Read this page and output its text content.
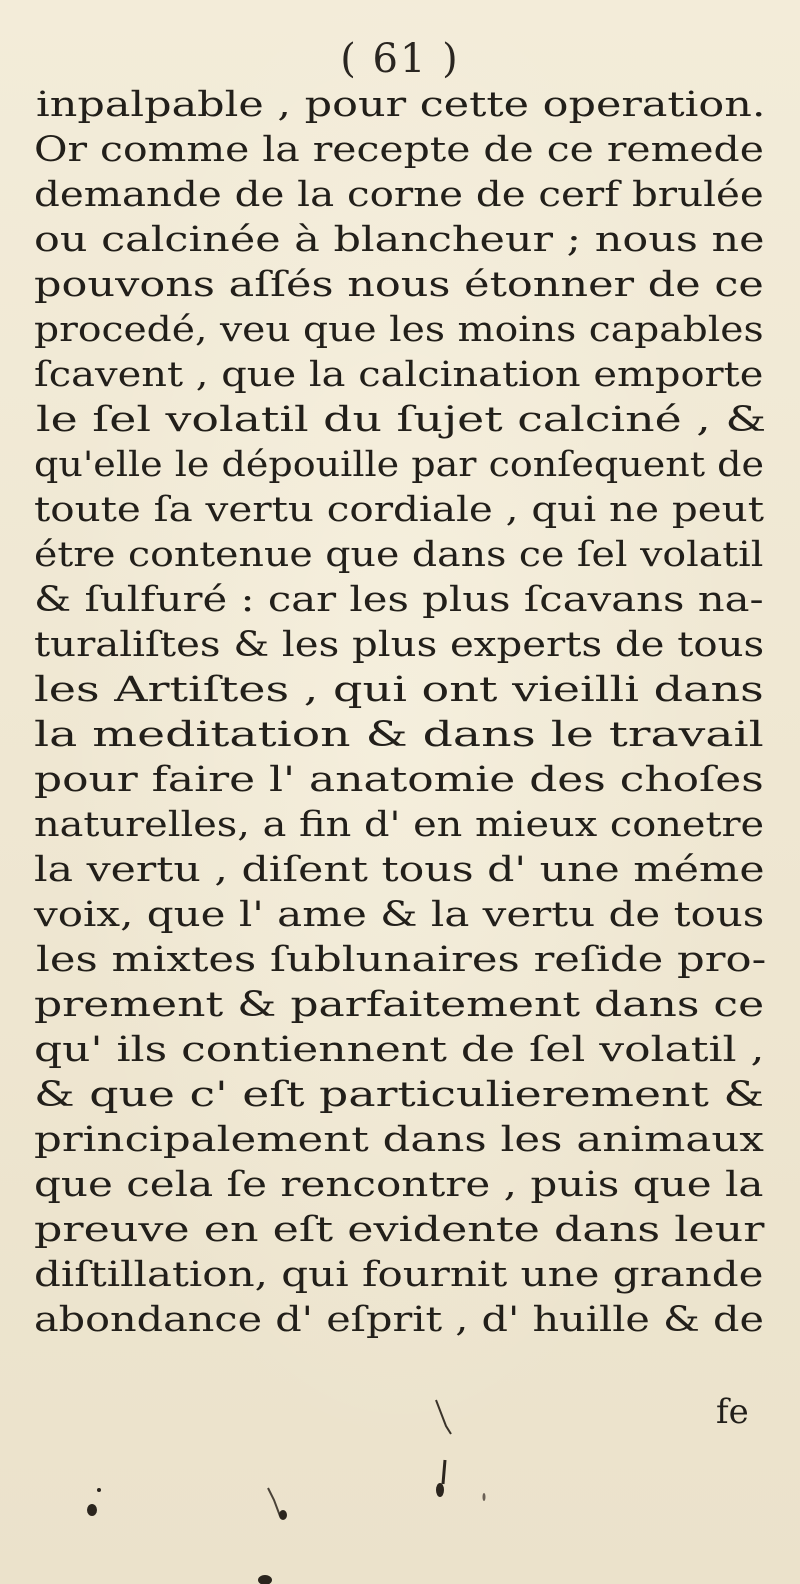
( 61 )
inpalpable , pour cette operation.
Or comme la recepte de ce remede
demande de la corne de cerf brulée
ou calcinée à blancheur ; nous ne
pouvons aſſés nous étonner de ce
procedé, veu que les moins capables
ſcavent , que la calcination emporte
le ſel volatil du ſujet calciné , &
qu'elle le dépouille par conſequent de
toute ſa vertu cordiale , qui ne peut
étre contenue que dans ce ſel volatil
& ſulfuré : car les plus ſcavans na-
turaliſtes & les plus experts de tous
les Artiſtes , qui ont vieilli dans
la meditation & dans le travail
pour faire l' anatomie des choſes
naturelles, a fin d' en mieux conetre
la vertu , diſent tous d' une méme
voix, que l' ame & la vertu de tous
les mixtes ſublunaires reſide pro-
prement & parfaitement dans ce
qu' ils contiennent de ſel volatil ,
& que c' eſt particulierement &
principalement dans les animaux
que cela ſe rencontre , puis que la
preuve en eſt evidente dans leur
diſtillation, qui fournit une grande
abondance d' eſprit , d' huille & de
fe
